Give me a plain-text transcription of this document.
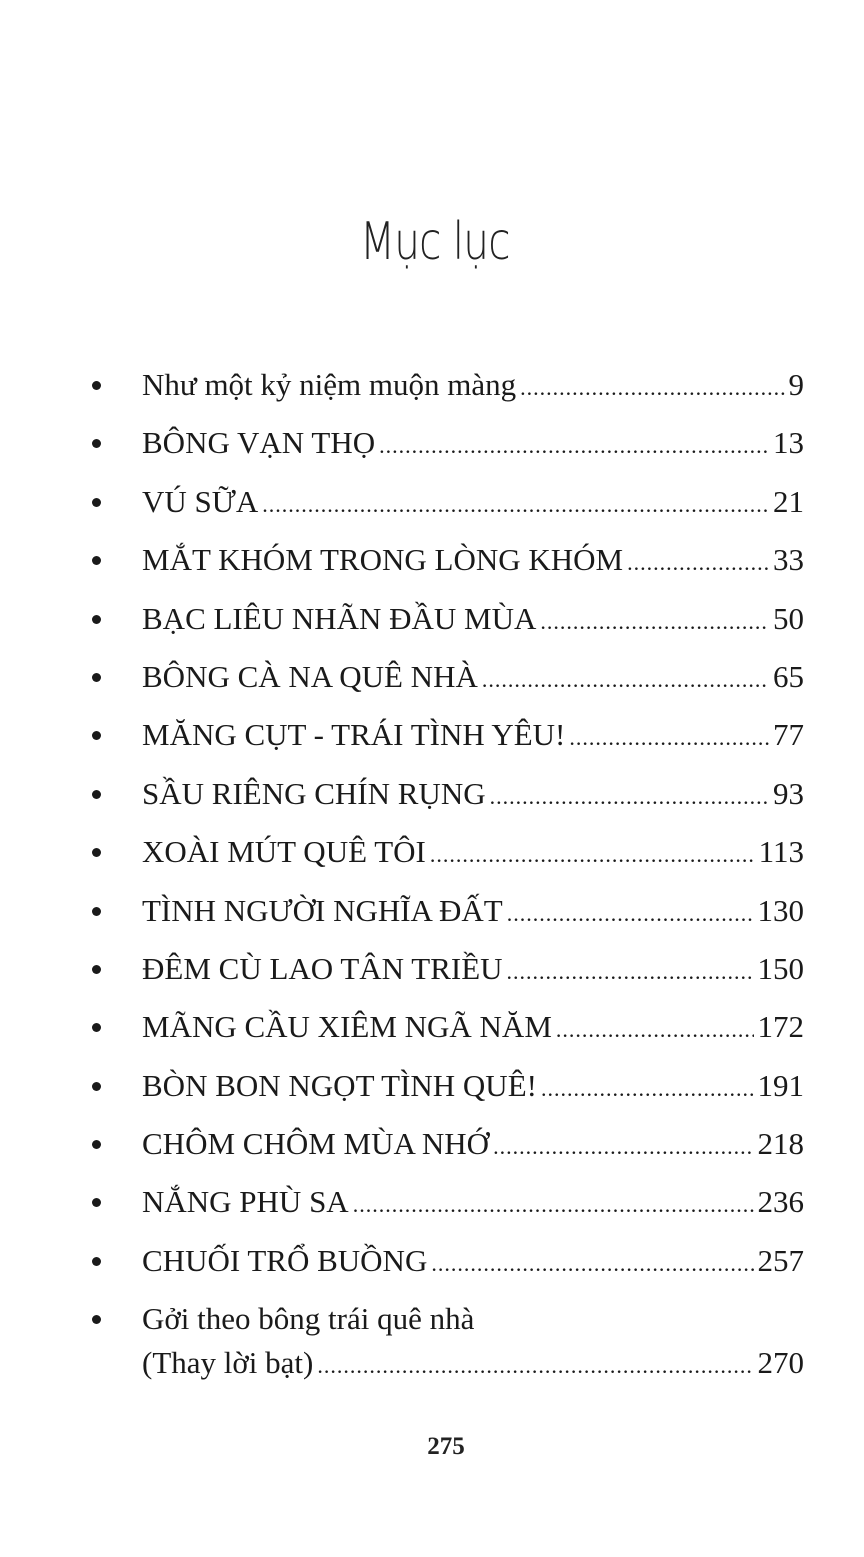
Mục lục
Như một kỷ niệm muộn màng .....	9
BÔNG VẠN THỌ .....	13
VÚ SỮA .....	21
MẮT KHÓM TRONG LÒNG KHÓM .....	33
BẠC LIÊU NHÃN ĐẦU MÙA .....	50
BÔNG CÀ NA QUÊ NHÀ .....	65
MĂNG CỤT - TRÁI TÌNH YÊU! .....	77
SẦU RIÊNG CHÍN RỤNG .....	93
XOÀI MÚT QUÊ TÔI .....	113
TÌNH NGƯỜI NGHĨA ĐẤT .....	130
ĐÊM CÙ LAO TÂN TRIỀU .....	150
MÃNG CẦU XIÊM NGÃ NĂM .....	172
BÒN BON NGỌT TÌNH QUÊ! .....	191
CHÔM CHÔM MÙA NHỚ .....	218
NẮNG PHÙ SA .....	236
CHUỐI TRỔ BUỒNG .....	257
Gởi theo bông trái quê nhà
(Thay lời bạt) .....	270
275
